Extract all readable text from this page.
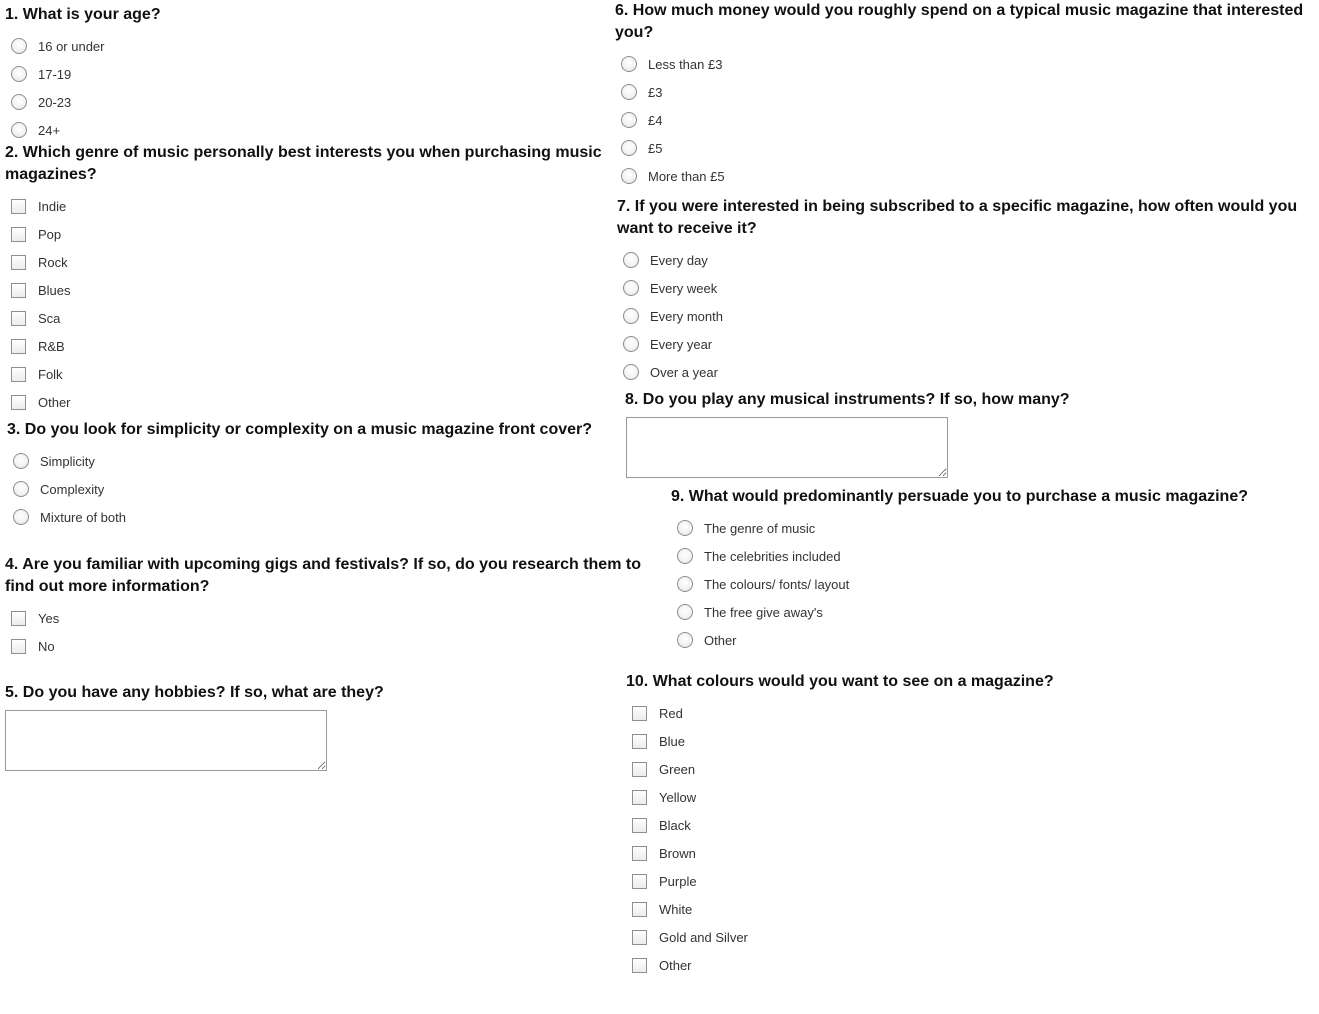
1. What is your age?

16 or under
17-19
20-23
24+

2. Which genre of music personally best interests you when purchasing music magazines?

Indie
Pop
Rock
Blues
Sca
R&B
Folk
Other

3. Do you look for simplicity or complexity on a music magazine front cover?

Simplicity
Complexity
Mixture of both

4. Are you familiar with upcoming gigs and festivals? If so, do you research them to find out more information?

Yes
No

5. Do you have any hobbies? If so, what are they?

6. How much money would you roughly spend on a typical music magazine that interested you?

Less than £3
£3
£4
£5
More than £5

7. If you were interested in being subscribed to a specific magazine, how often would you want to receive it?

Every day
Every week
Every month
Every year
Over a year

8. Do you play any musical instruments? If so, how many?

9. What would predominantly persuade you to purchase a music magazine?

The genre of music
The celebrities included
The colours/ fonts/ layout
The free give away's
Other

10. What colours would you want to see on a magazine?

Red
Blue
Green
Yellow
Black
Brown
Purple
White
Gold and Silver
Other
